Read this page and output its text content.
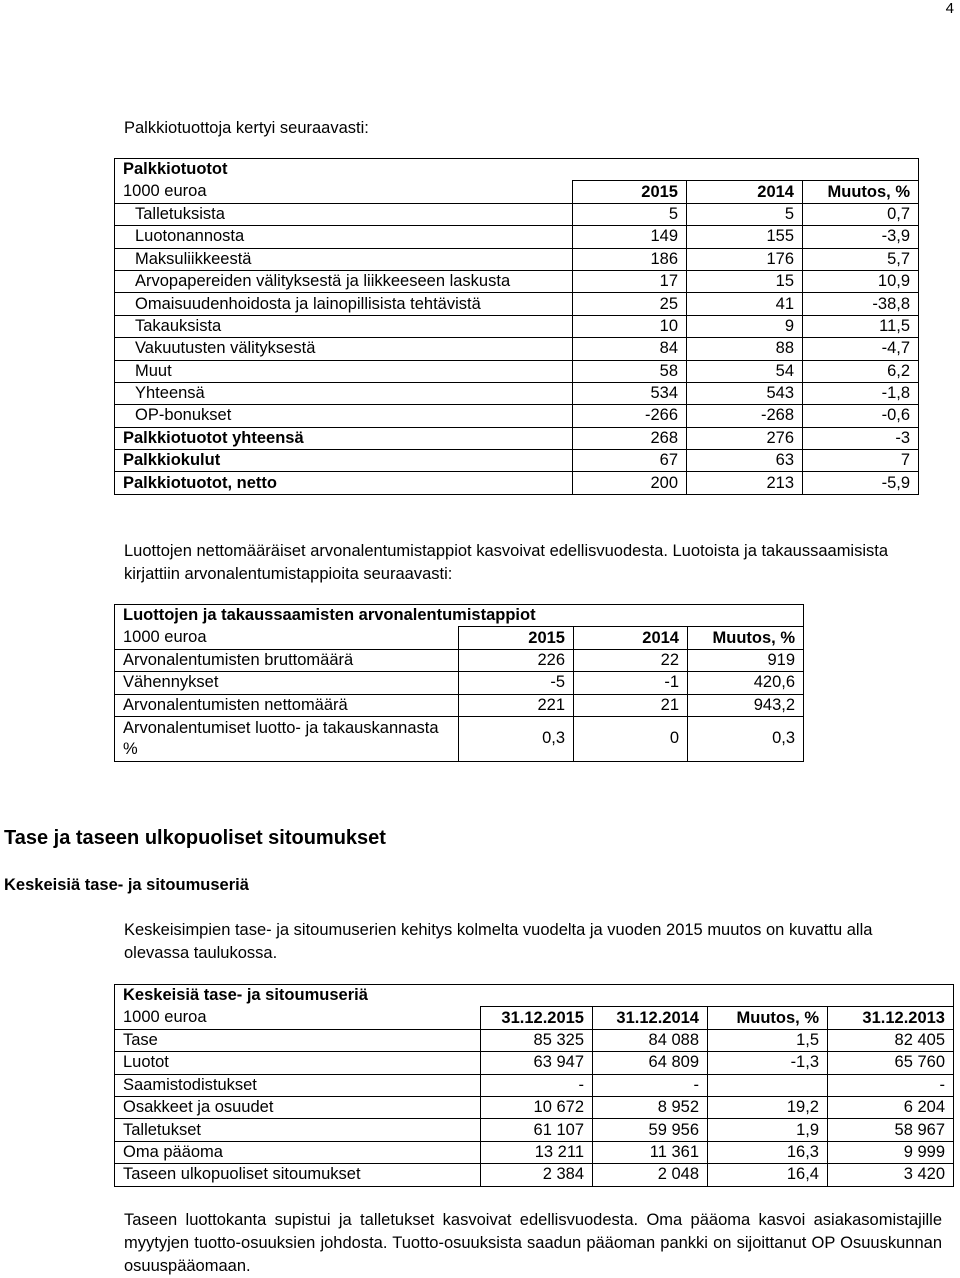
4
Palkkiotuottoja kertyi seuraavasti:
Palkkiotuotot			
1000 euroa	2015	2014	Muutos, %
Talletuksista	5	5	0,7
Luotonannosta	149	155	-3,9
Maksuliikkeestä	186	176	5,7
Arvopapereiden välityksestä ja liikkeeseen laskusta	17	15	10,9
Omaisuudenhoidosta ja lainopillisista tehtävistä	25	41	-38,8
Takauksista	10	9	11,5
Vakuutusten välityksestä	84	88	-4,7
Muut	58	54	6,2
Yhteensä	534	543	-1,8
OP-bonukset	-266	-268	-0,6
Palkkiotuotot yhteensä	268	276	-3
Palkkiokulut	67	63	7
Palkkiotuotot, netto	200	213	-5,9
Luottojen nettomääräiset arvonalentumistappiot kasvoivat edellisvuodesta. Luotoista ja takaussaamisista kirjattiin arvonalentumistappioita seuraavasti:
Luottojen ja takaussaamisten arvonalentumistappiot			
1000 euroa	2015	2014	Muutos, %
Arvonalentumisten bruttomäärä	226	22	919
Vähennykset	-5	-1	420,6
Arvonalentumisten nettomäärä	221	21	943,2
Arvonalentumiset luotto- ja takauskannasta %	0,3	0	0,3
Tase ja taseen ulkopuoliset sitoumukset
Keskeisiä tase- ja sitoumuseriä
Keskeisimpien tase- ja sitoumuserien kehitys kolmelta vuodelta ja vuoden 2015 muutos on kuvattu alla olevassa taulukossa.
Keskeisiä tase- ja sitoumuseriä				
1000 euroa	31.12.2015	31.12.2014	Muutos, %	31.12.2013
Tase	85 325	84 088	1,5	82 405
Luotot	63 947	64 809	-1,3	65 760
Saamistodistukset	-	-		-
Osakkeet ja osuudet	10 672	8 952	19,2	6 204
Talletukset	61 107	59 956	1,9	58 967
Oma pääoma	13 211	11 361	16,3	9 999
Taseen ulkopuoliset sitoumukset	2 384	2 048	16,4	3 420
Taseen luottokanta supistui ja talletukset kasvoivat edellisvuodesta. Oma pääoma kasvoi asiakasomistajille myytyjen tuotto-osuuksien johdosta. Tuotto-osuuksista saadun pääoman pankki on sijoittanut OP Osuuskunnan osuuspääomaan.
